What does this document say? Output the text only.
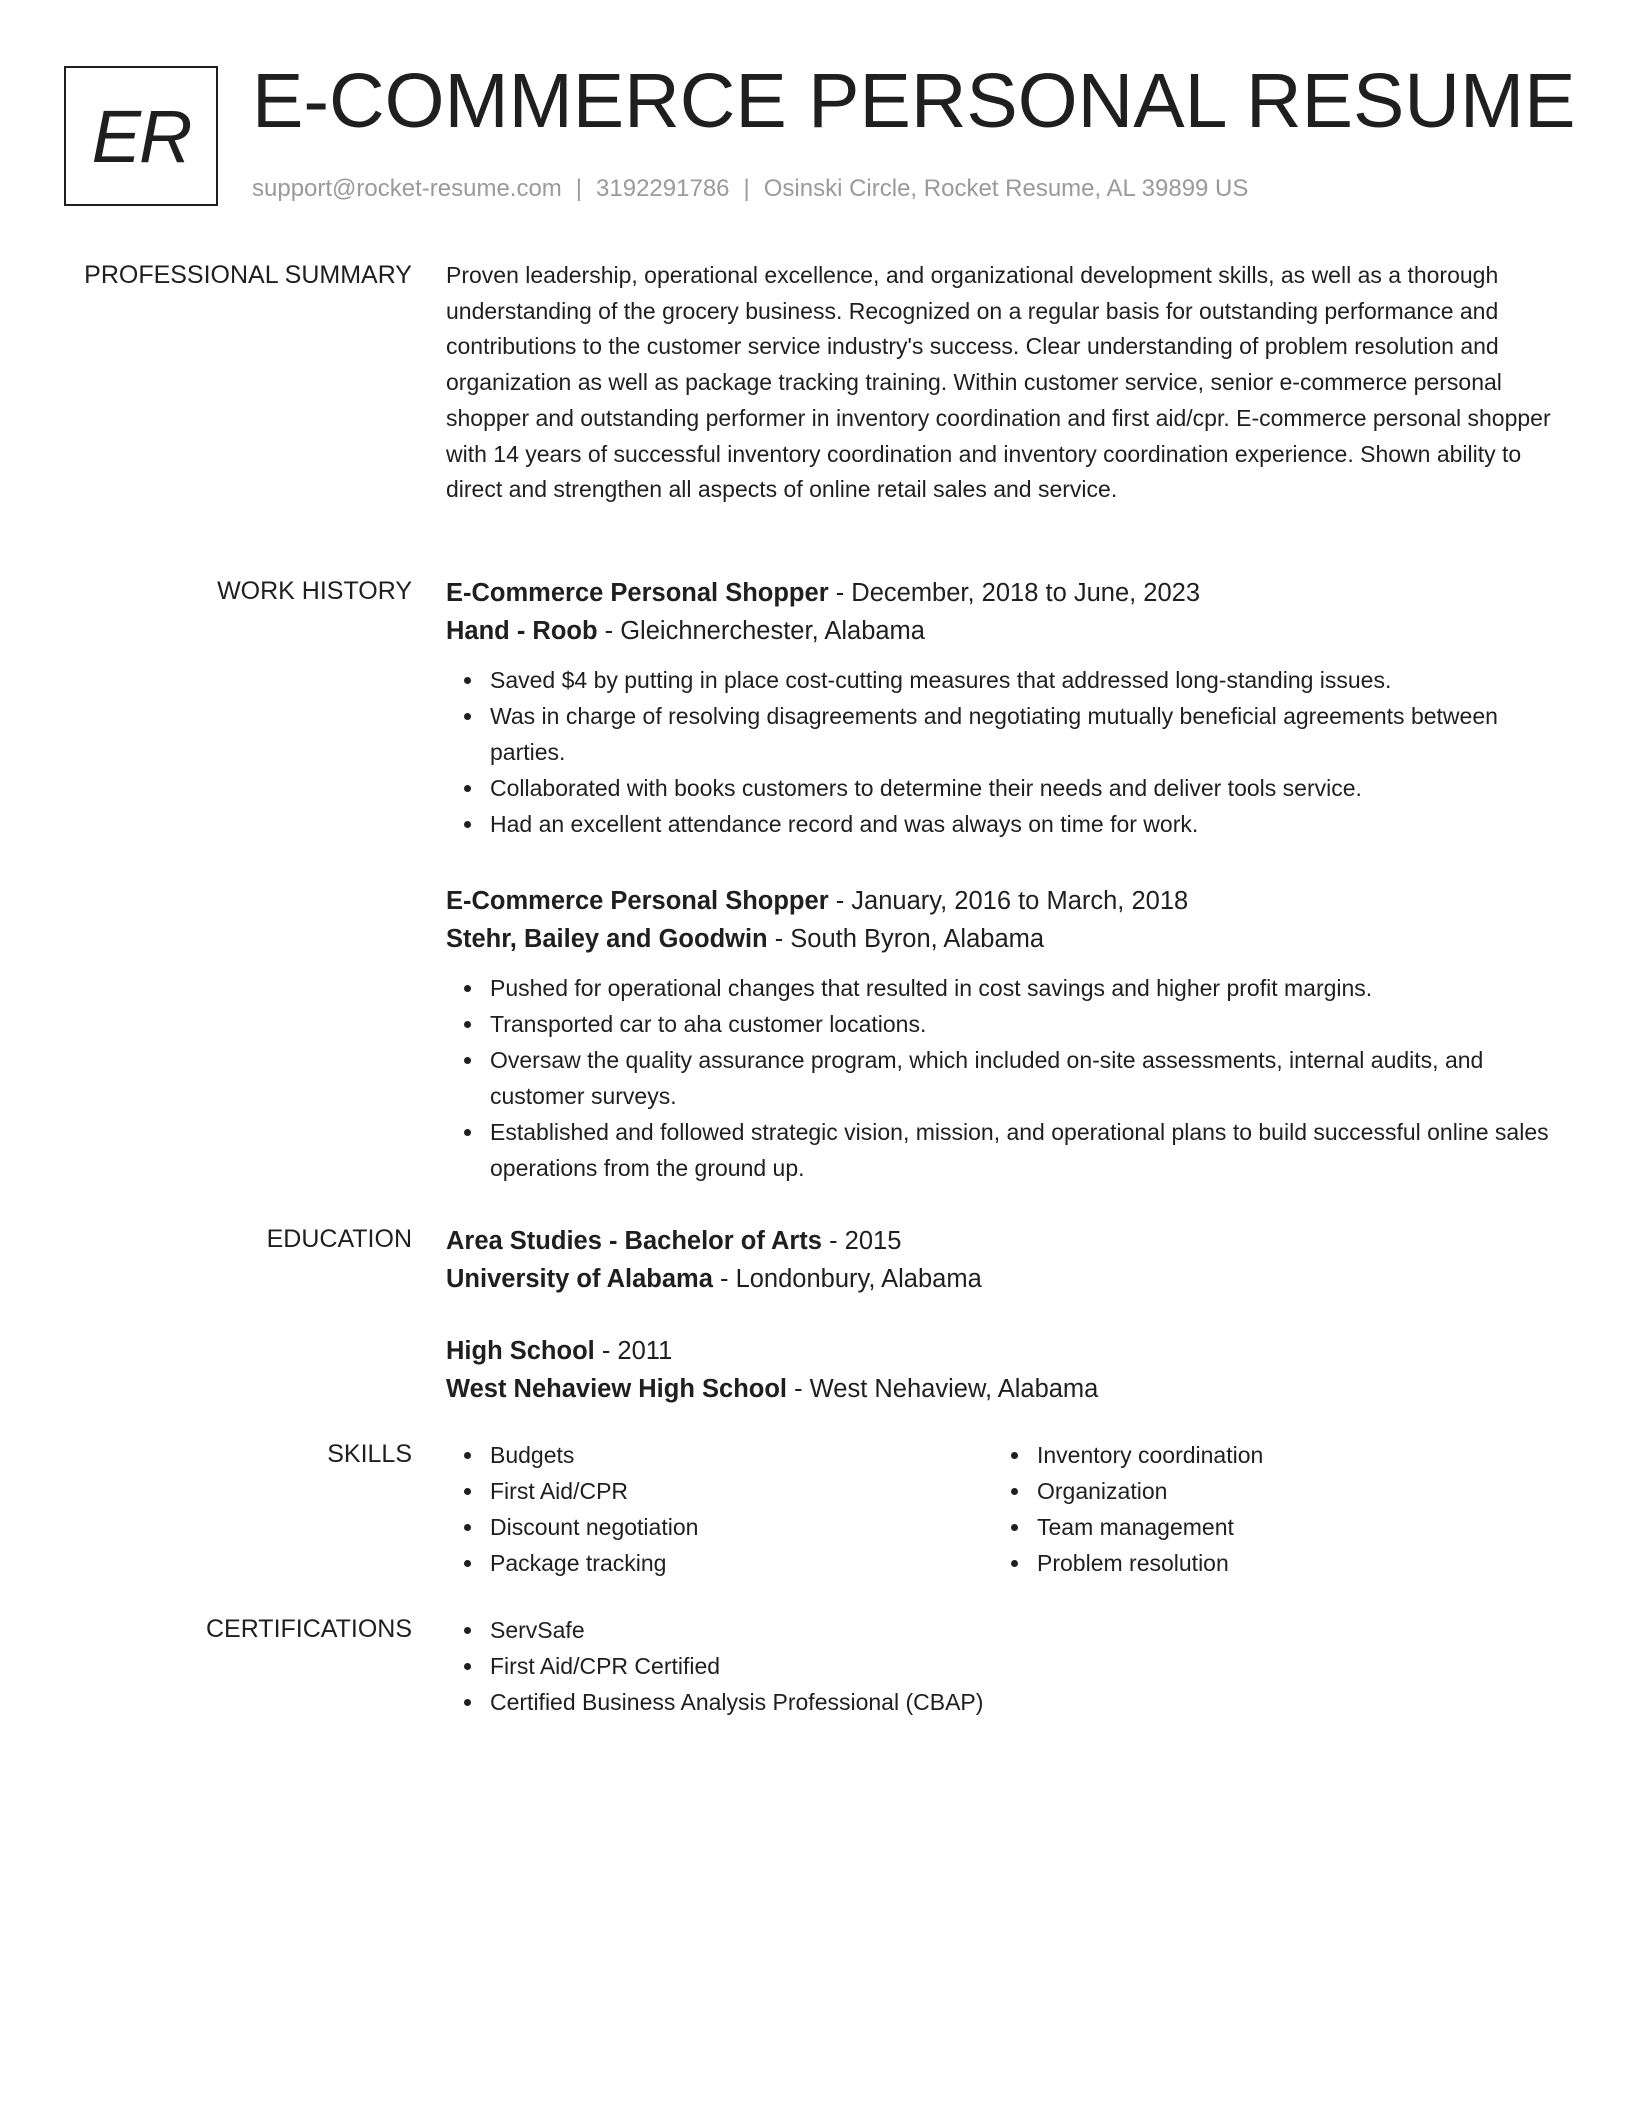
ER E-COMMERCE PERSONAL RESUME
support@rocket-resume.com | 3192291786 | Osinski Circle, Rocket Resume, AL 39899 US
PROFESSIONAL SUMMARY Proven leadership, operational excellence, and organizational development skills, as well as a thorough understanding of the grocery business. Recognized on a regular basis for outstanding performance and contributions to the customer service industry's success. Clear understanding of problem resolution and organization as well as package tracking training. Within customer service, senior e-commerce personal shopper and outstanding performer in inventory coordination and first aid/cpr. E-commerce personal shopper with 14 years of successful inventory coordination and inventory coordination experience. Shown ability to direct and strengthen all aspects of online retail sales and service.

WORK HISTORY E-Commerce Personal Shopper - December, 2018 to June, 2023

Hand - Roob - Gleichnerchester, Alabama

Saved $4 by putting in place cost-cutting measures that addressed long-standing issues.
Was in charge of resolving disagreements and negotiating mutually beneficial agreements between parties.
Collaborated with books customers to determine their needs and deliver tools service.
Had an excellent attendance record and was always on time for work.

E-Commerce Personal Shopper - January, 2016 to March, 2018

Stehr, Bailey and Goodwin - South Byron, Alabama

Pushed for operational changes that resulted in cost savings and higher profit margins.
Transported car to aha customer locations.
Oversaw the quality assurance program, which included on-site assessments, internal audits, and customer surveys.
Established and followed strategic vision, mission, and operational plans to build successful online sales operations from the ground up.
EDUCATION Area Studies - Bachelor of Arts - 2015

University of Alabama - Londonbury, Alabama

High School - 2011

West Nehaview High School - West Nehaview, Alabama

SKILLS	Budgets
First Aid/CPR
Discount negotiation
Package tracking
Inventory coordination
Organization
Team management
Problem resolution
CERTIFICATIONS	ServSafe
First Aid/CPR Certified
Certified Business Analysis Professional (CBAP)
